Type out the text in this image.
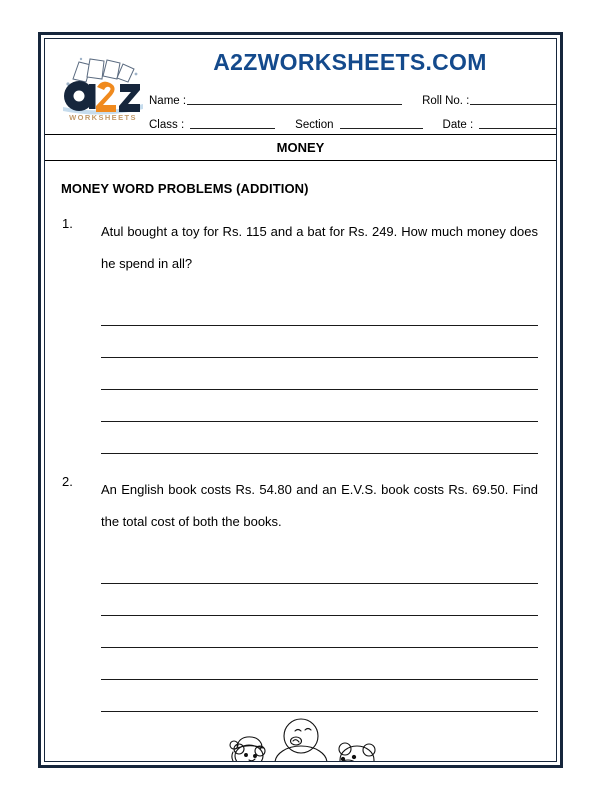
WORKSHEETS
A2ZWORKSHEETS.COM
Name :	Roll No. :
Class :	Section	Date :
MONEY
MONEY WORD PROBLEMS (ADDITION)
1.
Atul bought a toy for Rs. 115 and a bat for Rs. 249. How much money does he spend in all?
2.
An English book costs Rs. 54.80 and an E.V.S. book costs Rs. 69.50. Find the total cost of both the books.
